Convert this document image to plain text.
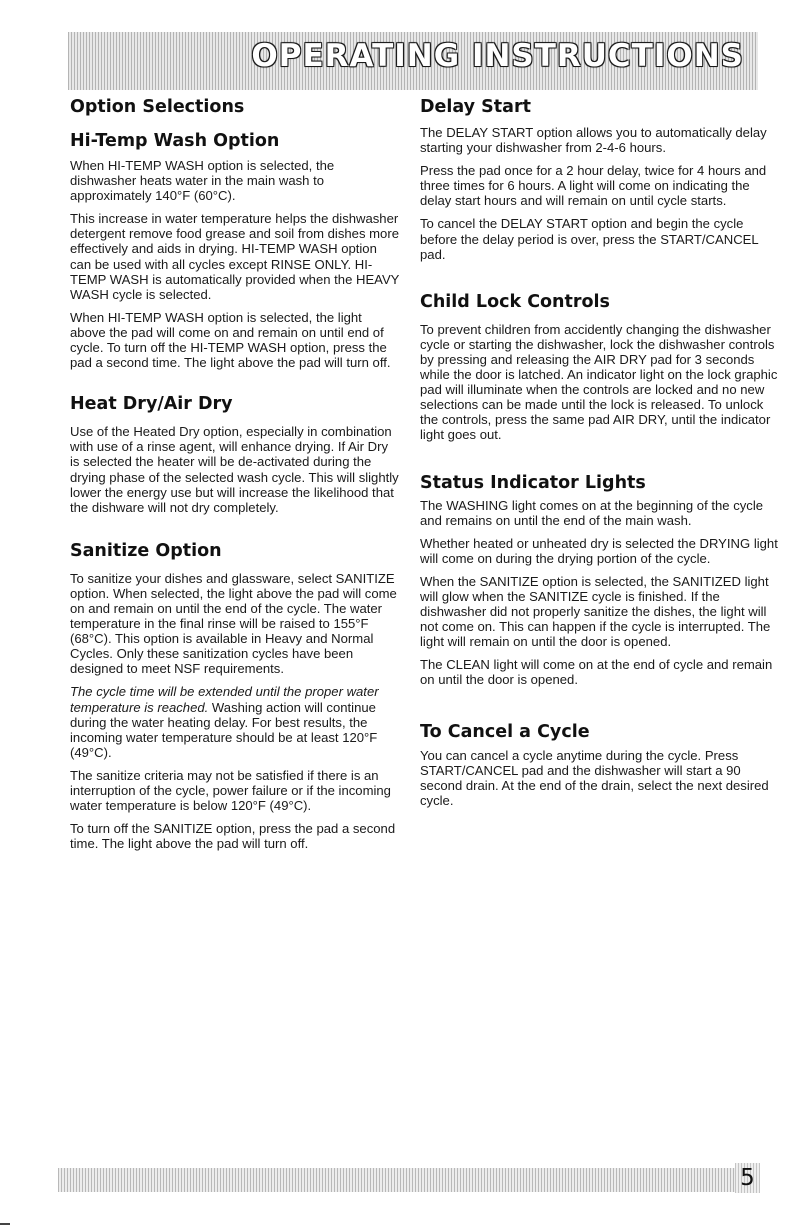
OPERATING INSTRUCTIONS
Option Selections
Hi-Temp Wash Option

When HI-TEMP WASH option is selected, the dishwasher heats water in the main wash to approximately 140°F (60°C).

This increase in water temperature helps the dishwasher detergent remove food grease and soil from dishes more effectively and aids in drying. HI-TEMP WASH option can be used with all cycles except RINSE ONLY. HI-TEMP WASH is automatically provided when the HEAVY WASH cycle is selected.

When HI-TEMP WASH option is selected, the light above the pad will come on and remain on until end of cycle. To turn off the HI-TEMP WASH option, press the pad a second time. The light above the pad will turn off.

Heat Dry/Air Dry

Use of the Heated Dry option, especially in combination with use of a rinse agent, will enhance drying. If Air Dry is selected the heater will be de-activated during the drying phase of the selected wash cycle. This will slightly lower the energy use but will increase the likelihood that the dishware will not dry completely.

Sanitize Option

To sanitize your dishes and glassware, select SANITIZE option. When selected, the light above the pad will come on and remain on until the end of the cycle. The water temperature in the final rinse will be raised to 155°F (68°C). This option is available in Heavy and Normal Cycles. Only these sanitization cycles have been designed to meet NSF requirements.

The cycle time will be extended until the proper water temperature is reached. Washing action will continue during the water heating delay. For best results, the incoming water temperature should be at least 120°F (49°C).

The sanitize criteria may not be satisfied if there is an interruption of the cycle, power failure or if the incoming water temperature is below 120°F (49°C).

To turn off the SANITIZE option, press the pad a second time. The light above the pad will turn off.

Delay Start

The DELAY START option allows you to automatically delay starting your dishwasher from 2-4-6 hours.

Press the pad once for a 2 hour delay, twice for 4 hours and three times for 6 hours. A light will come on indicating the delay start hours and will remain on until cycle starts.

To cancel the DELAY START option and begin the cycle before the delay period is over, press the START/CANCEL pad.

Child Lock Controls

To prevent children from accidently changing the dishwasher cycle or starting the dishwasher, lock the dishwasher controls by pressing and releasing the AIR DRY pad for 3 seconds while the door is latched. An indicator light on the lock graphic pad will illuminate when the controls are locked and no new selections can be made until the lock is released. To unlock the controls, press the same pad AIR DRY, until the indicator light goes out.

Status Indicator Lights

The WASHING light comes on at the beginning of the cycle and remains on until the end of the main wash.

Whether heated or unheated dry is selected the DRYING light will come on during the drying portion of the cycle.

When the SANITIZE option is selected, the SANITIZED light will glow when the SANITIZE cycle is finished. If the dishwasher did not properly sanitize the dishes, the light will not come on. This can happen if the cycle is interrupted. The light will remain on until the door is opened.

The CLEAN light will come on at the end of cycle and remain on until the door is opened.

To Cancel a Cycle

You can cancel a cycle anytime during the cycle. Press START/CANCEL pad and the dishwasher will start a 90 second drain. At the end of the drain, select the next desired cycle.

5
